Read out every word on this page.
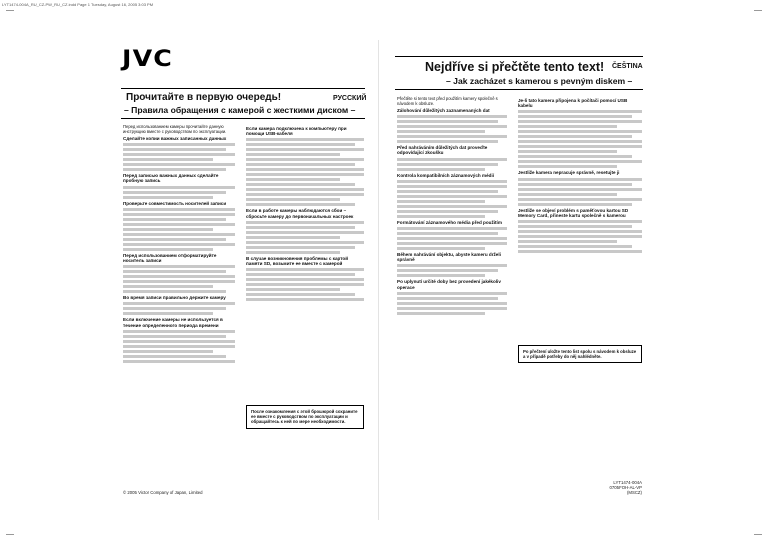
LYT1474-004A_RU_CZ-PW_RU_CZ.indd Page 1 Tuesday, August 16, 2005 3:03 PM
JVC
Прочитайте в первую очередь!	РУССКИЙ
– Правила обращения с камерой с жесткими диском –

Перед использованием камеры прочитайте данную инструкцию вместе с руководством по эксплуатации.

Сделайте копии важных записанных данных
Перед записью важных данных сделайте пробную запись
Проверьте совместимость носителей записи
Перед использованием отформатируйте носитель записи
Во время записи правильно держите камеру
Если включение камеры не используется в течение определенного периода времени
Если камера подключена к компьютеру при помощи USB-кабеля
Если в работе камеры наблюдаются сбои – сбросьте камеру до первоначальных настроек
В случае возникновения проблемы с картой памяти SD, возьмите ее вместе с камерой
После ознакомления с этой брошюрой сохраните ее вместе с руководством по эксплуатации и обращайтесь к ней по мере необходимости.
© 2005 Victor Company of Japan, Limited
Nejdříve si přečtěte tento text! ČEŠTINA
– Jak zacházet s kamerou s pevným diskem –

Přečtěte si tento text před použitím kamery společně s návodem k obsluze.

Zálohování důležitých zaznamenaných dat
Před nahráváním důležitých dat proveďte odpovídající zkoušku
Kontrola kompatibilních záznamových médií
Formátování záznamového média před použitím
Během nahrávání objektu, abyste kameru drželi správně
Po uplynutí určité doby bez provedení jakékoliv operace
Je-li tato kamera připojena k počítači pomocí USB kabelu
Jestliže kamera nepracuje správně, resetujte ji
Jestliže se objeví problém s paměťovou kartou SD Memory Card, přineste kartu společně s kamerou
Po přečtení uložte tento list spolu s návodem k obsluze a v případě potřeby do něj nahlédněte.
LYT1474-004A
0705FOH-AL-VP
(MSCZ)
